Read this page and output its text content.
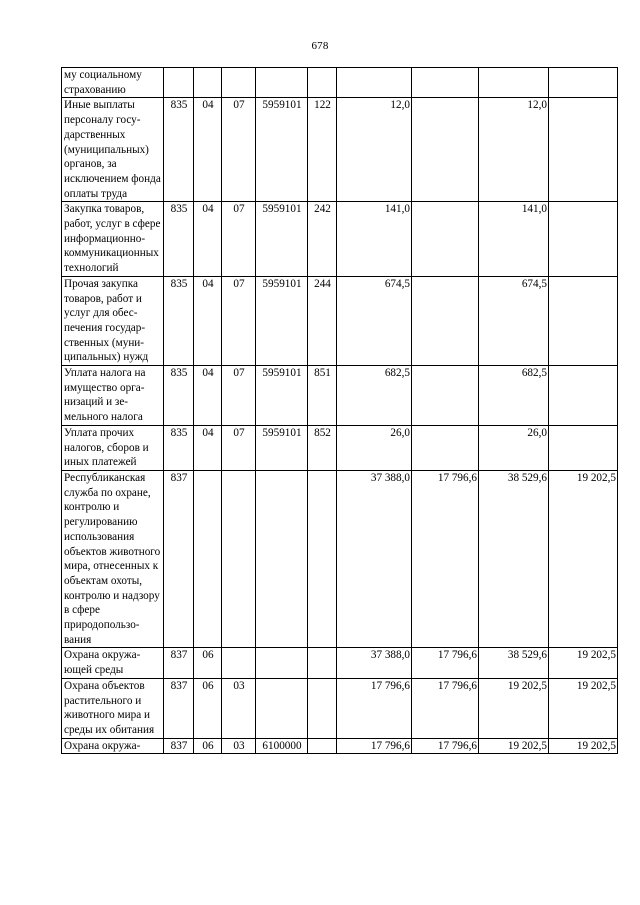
678
му социальному страхованию									
Иные выплаты персоналу государственных (муниципальных) органов, за исключением фонда оплаты труда	835	04	07	5959101	122	12,0		12,0	
Закупка товаров, работ, услуг в сфере информационно-коммуникационных технологий	835	04	07	5959101	242	141,0		141,0	
Прочая закупка товаров, работ и услуг для обеспечения государственных (муниципальных) нужд	835	04	07	5959101	244	674,5		674,5	
Уплата налога на имущество организаций и земельного налога	835	04	07	5959101	851	682,5		682,5	
Уплата прочих налогов, сборов и иных платежей	835	04	07	5959101	852	26,0		26,0	
Республиканская служба по охране, контролю и регулированию использования объектов животного мира, отнесенных к объектам охоты, контролю и надзору в сфере природопользования	837					37 388,0	17 796,6	38 529,6	19 202,5
Охрана окружающей среды	837	06				37 388,0	17 796,6	38 529,6	19 202,5
Охрана объектов растительного и животного мира и среды их обитания	837	06	03			17 796,6	17 796,6	19 202,5	19 202,5
Охрана окружа-	837	06	03	6100000		17 796,6	17 796,6	19 202,5	19 202,5
